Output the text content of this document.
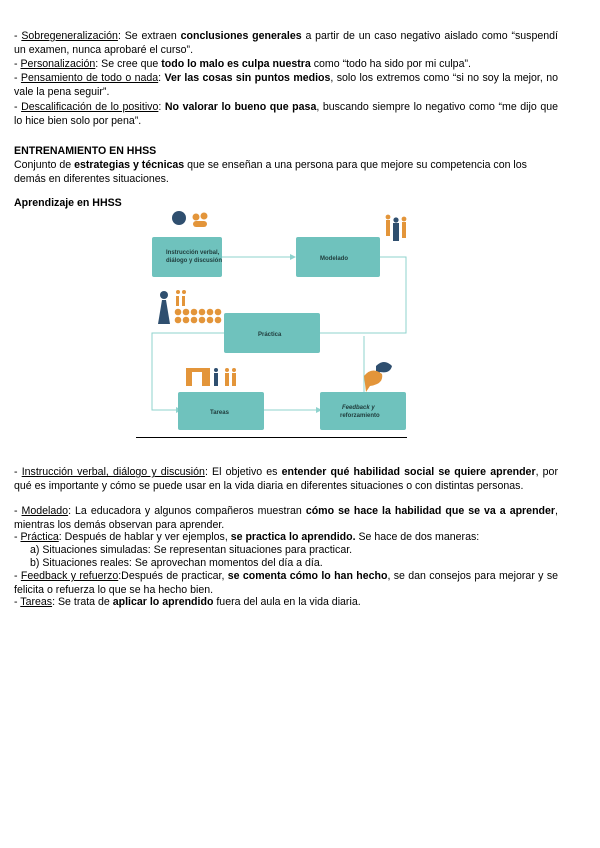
- Sobregeneralización: Se extraen conclusiones generales a partir de un caso negativo aislado como “suspendí un examen, nunca aprobaré el curso”.
- Personalización: Se cree que todo lo malo es culpa nuestra como “todo ha sido por mi culpa”.
- Pensamiento de todo o nada: Ver las cosas sin puntos medios, solo los extremos como “si no soy la mejor, no vale la pena seguir”.
- Descalificación de lo positivo: No valorar lo bueno que pasa, buscando siempre lo negativo como “me dijo que lo hice bien solo por pena”.
ENTRENAMIENTO EN HHSS
Conjunto de estrategias y técnicas que se enseñan a una persona para que mejore su competencia con los demás en diferentes situaciones.
Aprendizaje en HHSS
Instrucción verbal,
diálogo y discusión	Modelado
Práctica
Tareas
Feedback y
reforzamiento
- Instrucción verbal, diálogo y discusión: El objetivo es entender qué habilidad social se quiere aprender, por qué es importante y cómo se puede usar en la vida diaria en diferentes situaciones o con distintas personas.
- Modelado: La educadora y algunos compañeros muestran cómo se hace la habilidad que se va a aprender, mientras los demás observan para aprender.
- Práctica: Después de hablar y ver ejemplos, se practica lo aprendido. Se hace de dos maneras:
a) Situaciones simuladas: Se representan situaciones para practicar.
b) Situaciones reales: Se aprovechan momentos del día a día.
- Feedback y refuerzo:Después de practicar, se comenta cómo lo han hecho, se dan consejos para mejorar y se felicita o refuerza lo que se ha hecho bien.
- Tareas: Se trata de aplicar lo aprendido fuera del aula en la vida diaria.
